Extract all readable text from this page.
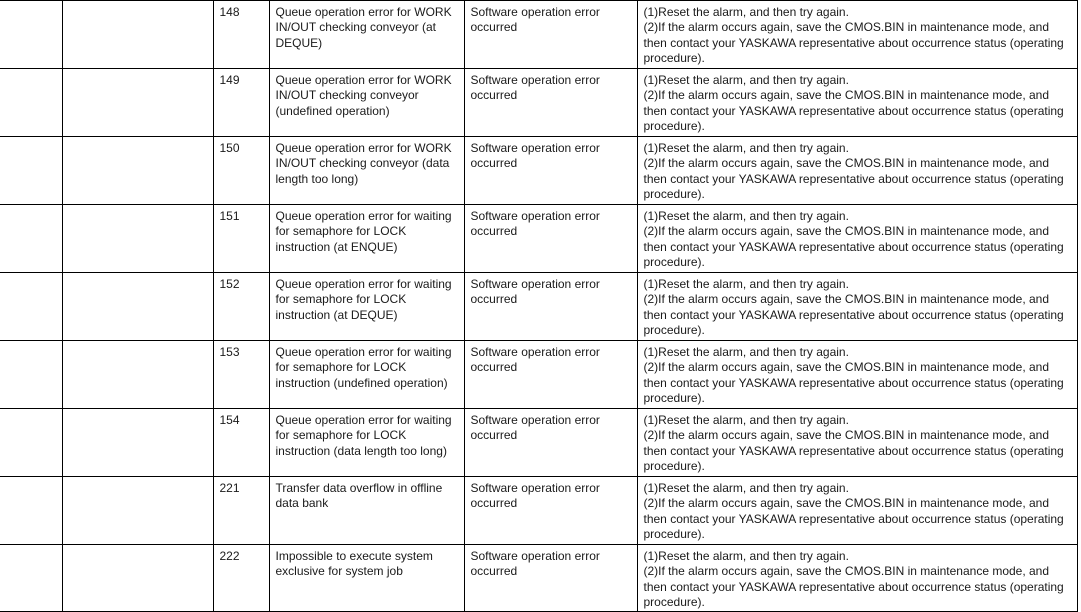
		148	Queue operation error for WORK IN/OUT checking conveyor (at DEQUE)	Software operation error occurred	(1)Reset the alarm, and then try again.
(2)If the alarm occurs again, save the CMOS.BIN in maintenance mode, and then contact your YASKAWA representative about occurrence status (operating procedure).

		149	Queue operation error for WORK IN/OUT checking conveyor (undefined operation)	Software operation error occurred	(1)Reset the alarm, and then try again.
(2)If the alarm occurs again, save the CMOS.BIN in maintenance mode, and then contact your YASKAWA representative about occurrence status (operating procedure).

		150	Queue operation error for WORK IN/OUT checking conveyor (data length too long)	Software operation error occurred	(1)Reset the alarm, and then try again.
(2)If the alarm occurs again, save the CMOS.BIN in maintenance mode, and then contact your YASKAWA representative about occurrence status (operating procedure).

		151	Queue operation error for waiting for semaphore for LOCK instruction (at ENQUE)	Software operation error occurred	(1)Reset the alarm, and then try again.
(2)If the alarm occurs again, save the CMOS.BIN in maintenance mode, and then contact your YASKAWA representative about occurrence status (operating procedure).

		152	Queue operation error for waiting for semaphore for LOCK instruction (at DEQUE)	Software operation error occurred	(1)Reset the alarm, and then try again.
(2)If the alarm occurs again, save the CMOS.BIN in maintenance mode, and then contact your YASKAWA representative about occurrence status (operating procedure).

		153	Queue operation error for waiting for semaphore for LOCK instruction (undefined operation)	Software operation error occurred	(1)Reset the alarm, and then try again.
(2)If the alarm occurs again, save the CMOS.BIN in maintenance mode, and then contact your YASKAWA representative about occurrence status (operating procedure).

		154	Queue operation error for waiting for semaphore for LOCK instruction (data length too long)	Software operation error occurred	(1)Reset the alarm, and then try again.
(2)If the alarm occurs again, save the CMOS.BIN in maintenance mode, and then contact your YASKAWA representative about occurrence status (operating procedure).

		221	Transfer data overflow in offline data bank	Software operation error occurred	(1)Reset the alarm, and then try again.
(2)If the alarm occurs again, save the CMOS.BIN in maintenance mode, and then contact your YASKAWA representative about occurrence status (operating procedure).

		222	Impossible to execute system exclusive for system job	Software operation error occurred	(1)Reset the alarm, and then try again.
(2)If the alarm occurs again, save the CMOS.BIN in maintenance mode, and then contact your YASKAWA representative about occurrence status (operating procedure).
